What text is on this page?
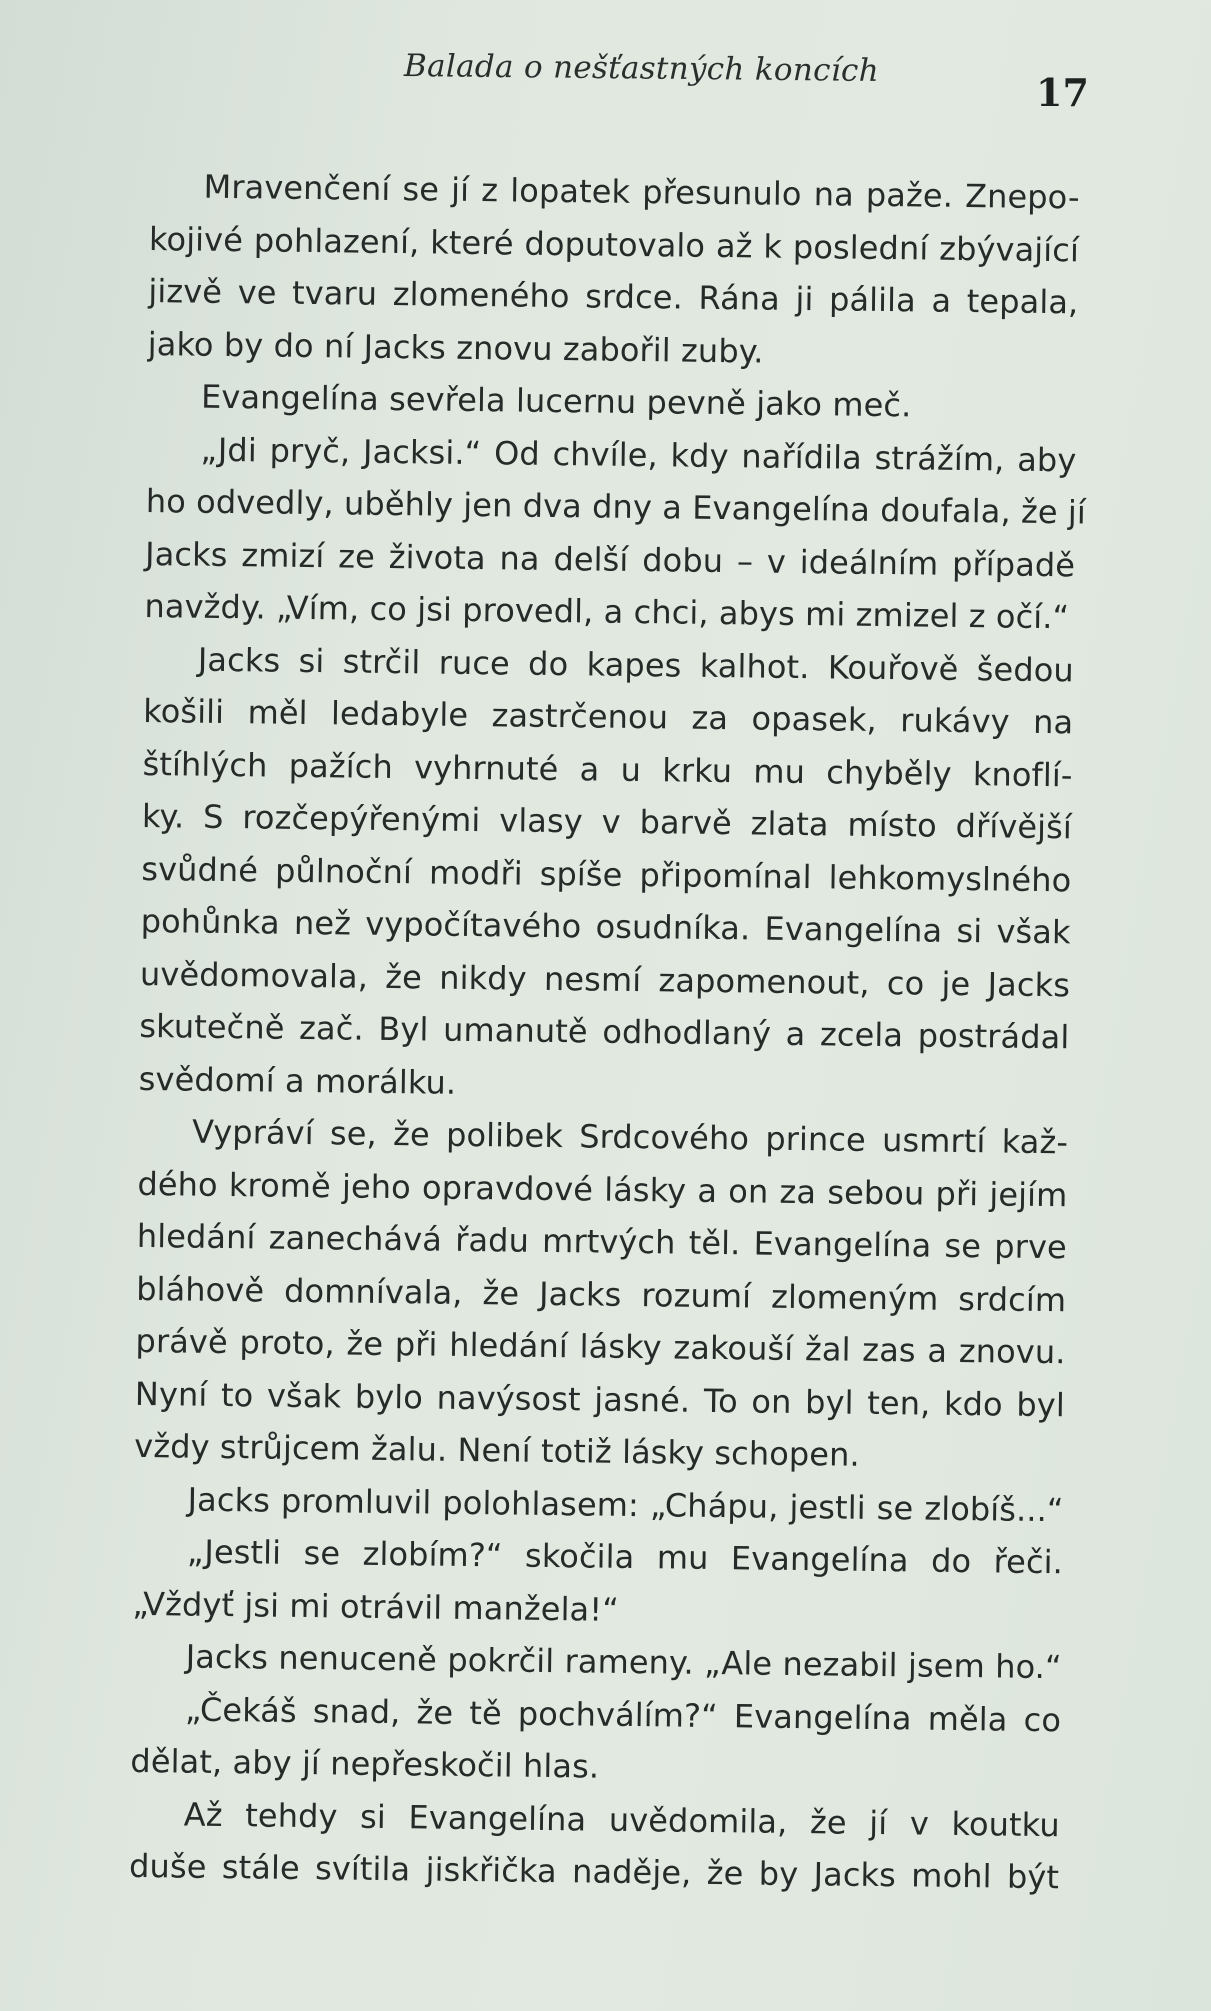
Balada o nešťastných koncích
17
Mravenčení se jí z lopatek přesunulo na paže. Znepo-
kojivé pohlazení, které doputovalo až k poslední zbývající
jizvě ve tvaru zlomeného srdce. Rána ji pálila a tepala,
jako by do ní Jacks znovu zabořil zuby.
Evangelína sevřela lucernu pevně jako meč.
„Jdi pryč, Jacksi.“ Od chvíle, kdy nařídila strážím, aby
ho odvedly, uběhly jen dva dny a Evangelína doufala, že jí
Jacks zmizí ze života na delší dobu – v ideálním případě
navždy. „Vím, co jsi provedl, a chci, abys mi zmizel z očí.“
Jacks si strčil ruce do kapes kalhot. Kouřově šedou
košili měl ledabyle zastrčenou za opasek, rukávy na
štíhlých pažích vyhrnuté a u krku mu chyběly knoflí-
ky. S rozčepýřenými vlasy v barvě zlata místo dřívější
svůdné půlnoční modři spíše připomínal lehkomyslného
pohůnka než vypočítavého osudníka. Evangelína si však
uvědomovala, že nikdy nesmí zapomenout, co je Jacks
skutečně zač. Byl umanutě odhodlaný a zcela postrádal
svědomí a morálku.
Vypráví se, že polibek Srdcového prince usmrtí kaž-
dého kromě jeho opravdové lásky a on za sebou při jejím
hledání zanechává řadu mrtvých těl. Evangelína se prve
bláhově domnívala, že Jacks rozumí zlomeným srdcím
právě proto, že při hledání lásky zakouší žal zas a znovu.
Nyní to však bylo navýsost jasné. To on byl ten, kdo byl
vždy strůjcem žalu. Není totiž lásky schopen.
Jacks promluvil polohlasem: „Chápu, jestli se zlobíš...“
„Jestli se zlobím?“ skočila mu Evangelína do řeči.
„Vždyť jsi mi otrávil manžela!“
Jacks nenuceně pokrčil rameny. „Ale nezabil jsem ho.“
„Čekáš snad, že tě pochválím?“ Evangelína měla co
dělat, aby jí nepřeskočil hlas.
Až tehdy si Evangelína uvědomila, že jí v koutku
duše stále svítila jiskřička naděje, že by Jacks mohl být
